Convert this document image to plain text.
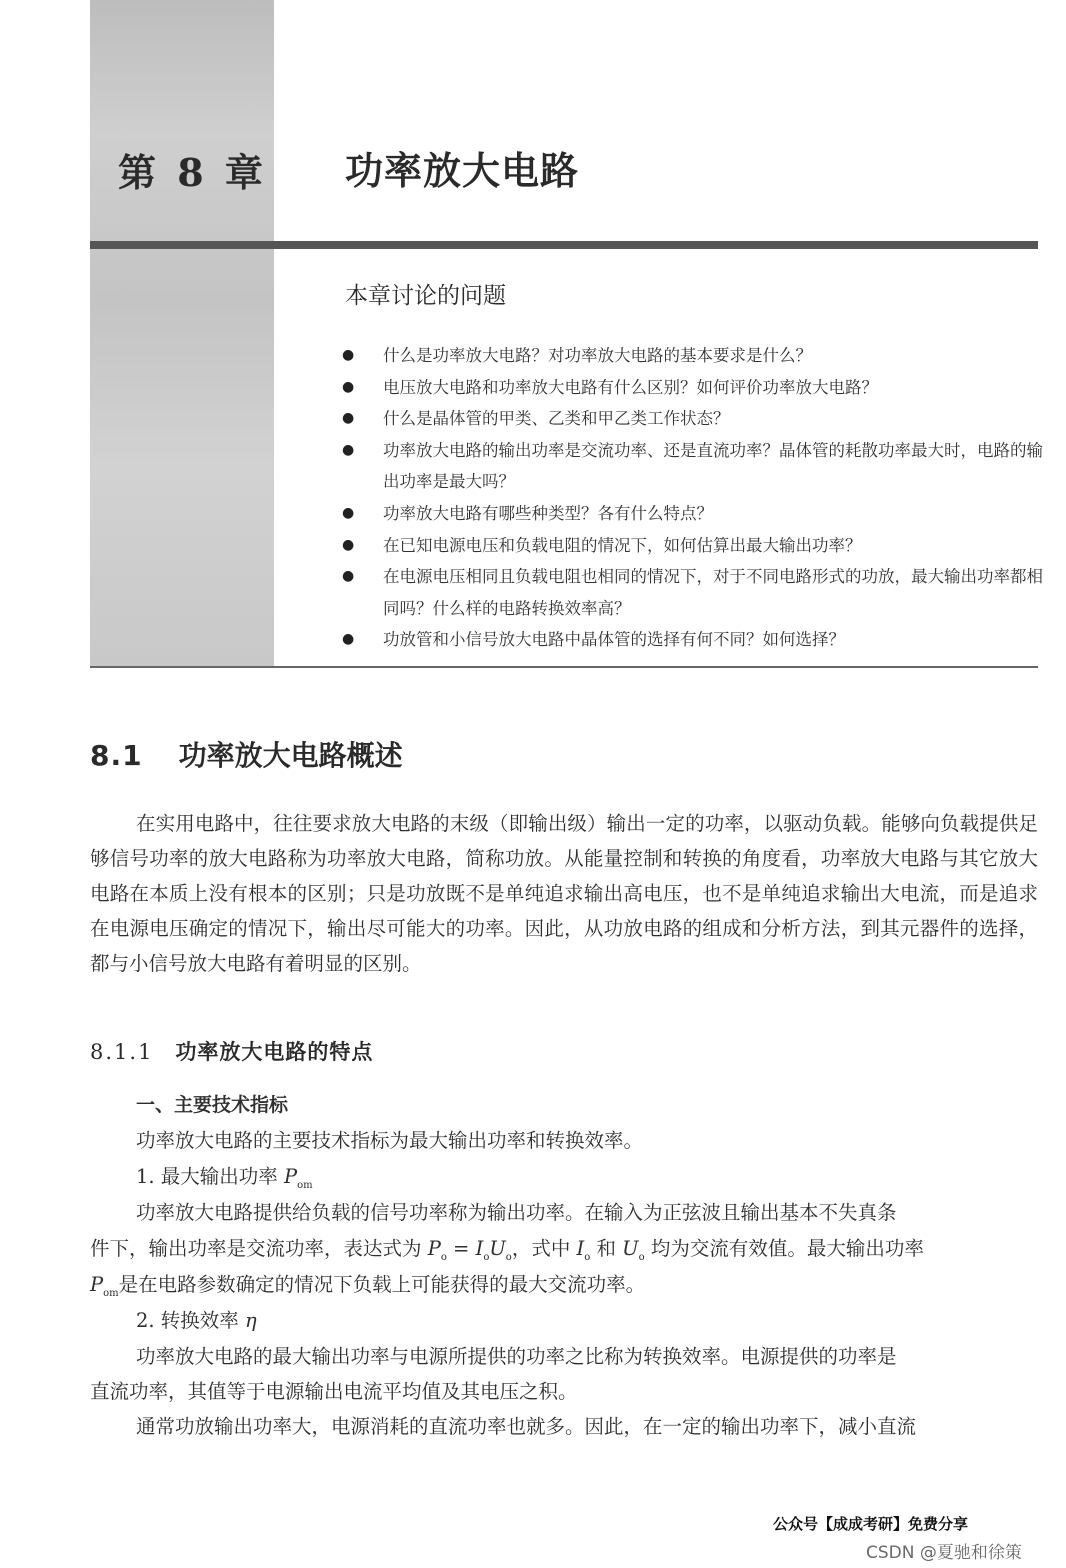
第 8 章 功率放大电路
本章讨论的问题
● 什么是功率放大电路？对功率放大电路的基本要求是什么？
● 电压放大电路和功率放大电路有什么区别？如何评价功率放大电路？
● 什么是晶体管的甲类、乙类和甲乙类工作状态？
● 功率放大电路的输出功率是交流功率、还是直流功率？晶体管的耗散功率最大时，电路的输出功率是最大吗？
● 功率放大电路有哪些种类型？各有什么特点？
● 在已知电源电压和负载电阻的情况下，如何估算出最大输出功率？
● 在电源电压相同且负载电阻也相同的情况下，对于不同电路形式的功放，最大输出功率都相同吗？什么样的电路转换效率高？
● 功放管和小信号放大电路中晶体管的选择有何不同？如何选择？
8.1 功率放大电路概述

在实用电路中，往往要求放大电路的末级（即输出级）输出一定的功率，以驱动负载。能够向负载提供足够信号功率的放大电路称为功率放大电路，简称功放。从能量控制和转换的角度看，功率放大电路与其它放大电路在本质上没有根本的区别；只是功放既不是单纯追求输出高电压，也不是单纯追求输出大电流，而是追求在电源电压确定的情况下，输出尽可能大的功率。因此，从功放电路的组成和分析方法，到其元器件的选择，都与小信号放大电路有着明显的区别。

8.1.1 功率放大电路的特点
一、主要技术指标
功率放大电路的主要技术指标为最大输出功率和转换效率。
1. 最大输出功率 $P_{om}$
功率放大电路提供给负载的信号功率称为输出功率。在输入为正弦波且输出基本不失真条
件下，输出功率是交流功率，表达式为 $P_o = I_oU_o$，式中 $I_o$ 和 $U_o$ 均为交流有效值。最大输出功率
$P_{om}$是在电路参数确定的情况下负载上可能获得的最大交流功率。
2. 转换效率 η
功率放大电路的最大输出功率与电源所提供的功率之比称为转换效率。电源提供的功率是
直流功率，其值等于电源输出电流平均值及其电压之积。
通常功放输出功率大，电源消耗的直流功率也就多。因此，在一定的输出功率下，减小直流
公众号【成成考研】免费分享
CSDN @夏驰和徐策
